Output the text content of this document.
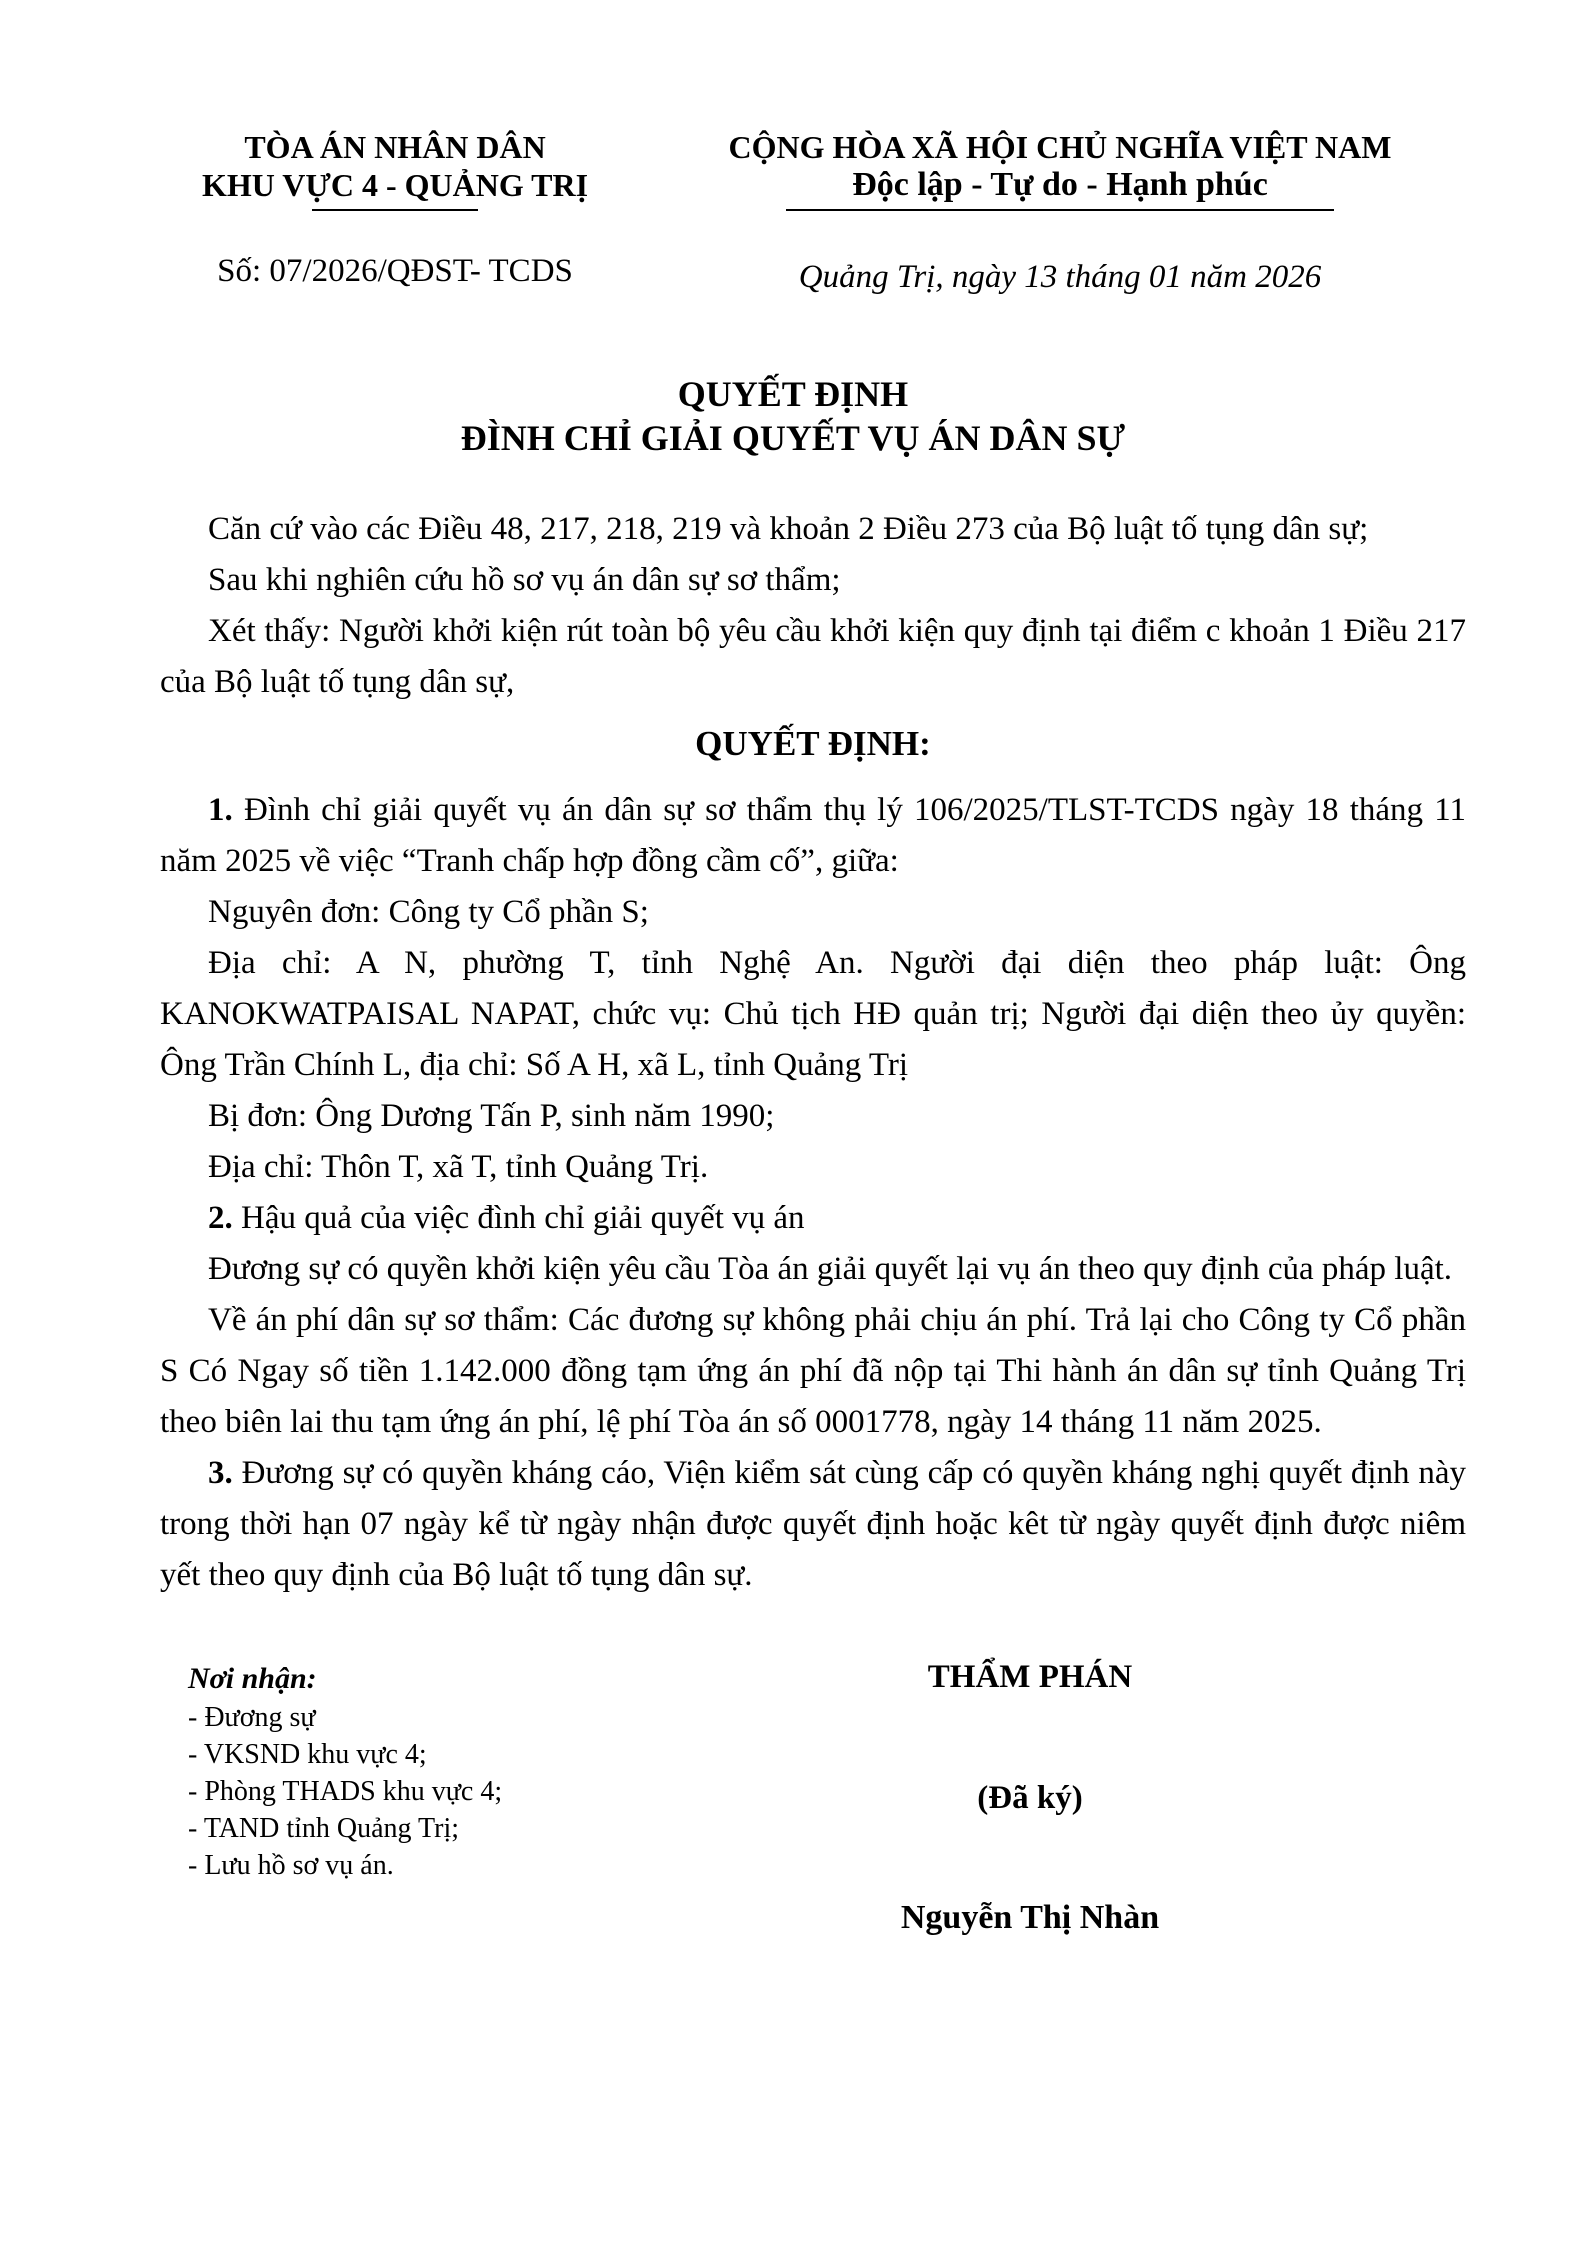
TÒA ÁN NHÂN DÂN
KHU VỰC 4 - QUẢNG TRỊ
Số: 07/2026/QĐST- TCDS
CỘNG HÒA XÃ HỘI CHỦ NGHĨA VIỆT NAM
Độc lập - Tự do - Hạnh phúc
Quảng Trị, ngày 13 tháng 01 năm 2026
QUYẾT ĐỊNH
ĐÌNH CHỈ GIẢI QUYẾT VỤ ÁN DÂN SỰ

Căn cứ vào các Điều 48, 217, 218, 219 và khoản 2 Điều 273 của Bộ luật tố tụng dân sự;

Sau khi nghiên cứu hồ sơ vụ án dân sự sơ thẩm;

Xét thấy: Người khởi kiện rút toàn bộ yêu cầu khởi kiện quy định tại điểm c khoản 1 Điều 217 của Bộ luật tố tụng dân sự,

QUYẾT ĐỊNH:

1. Đình chỉ giải quyết vụ án dân sự sơ thẩm thụ lý 106/2025/TLST-TCDS ngày 18 tháng 11 năm 2025 về việc “Tranh chấp hợp đồng cầm cố”, giữa:

Nguyên đơn: Công ty Cổ phần S;

Địa chỉ: A N, phường T, tỉnh Nghệ An. Người đại diện theo pháp luật: Ông KANOKWATPAISAL NAPAT, chức vụ: Chủ tịch HĐ quản trị; Người đại diện theo ủy quyền: Ông Trần Chính L, địa chỉ: Số A H, xã L, tỉnh Quảng Trị

Bị đơn: Ông Dương Tấn P, sinh năm 1990;

Địa chỉ: Thôn T, xã T, tỉnh Quảng Trị.

2. Hậu quả của việc đình chỉ giải quyết vụ án

Đương sự có quyền khởi kiện yêu cầu Tòa án giải quyết lại vụ án theo quy định của pháp luật.

Về án phí dân sự sơ thẩm: Các đương sự không phải chịu án phí. Trả lại cho Công ty Cổ phần S Có Ngay số tiền 1.142.000 đồng tạm ứng án phí đã nộp tại Thi hành án dân sự tỉnh Quảng Trị theo biên lai thu tạm ứng án phí, lệ phí Tòa án số 0001778, ngày 14 tháng 11 năm 2025.

3. Đương sự có quyền kháng cáo, Viện kiểm sát cùng cấp có quyền kháng nghị quyết định này trong thời hạn 07 ngày kể từ ngày nhận được quyết định hoặc kêt từ ngày quyết định được niêm yết theo quy định của Bộ luật tố tụng dân sự.

Nơi nhận:
- Đương sự
- VKSND khu vực 4;
- Phòng THADS khu vực 4;
- TAND tỉnh Quảng Trị;
- Lưu hồ sơ vụ án.
THẨM PHÁN
(Đã ký)
Nguyễn Thị Nhàn
